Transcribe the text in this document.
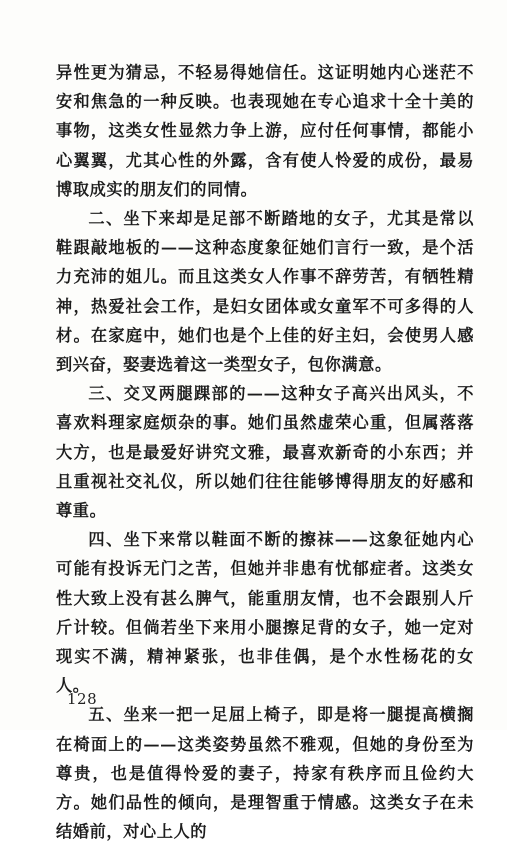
异性更为猜忌，不轻易得她信任。这证明她内心迷茫不安和焦急的一种反映。也表现她在专心追求十全十美的事物，这类女性显然力争上游，应付任何事情，都能小心翼翼，尤其心性的外露，含有使人怜爱的成份，最易博取成实的朋友们的同情。

二、坐下来却是足部不断踏地的女子，尤其是常以鞋跟敲地板的——这种态度象征她们言行一致，是个活力充沛的姐儿。而且这类女人作事不辞劳苦，有牺牲精神，热爱社会工作，是妇女团体或女童军不可多得的人材。在家庭中，她们也是个上佳的好主妇，会使男人感到兴奋，娶妻选着这一类型女子，包你满意。

三、交叉两腿踝部的——这种女子高兴出风头，不喜欢料理家庭烦杂的事。她们虽然虚荣心重，但属落落大方，也是最爱好讲究文雅，最喜欢新奇的小东西；并且重视社交礼仪，所以她们往往能够博得朋友的好感和尊重。

四、坐下来常以鞋面不断的擦袜——这象征她内心可能有投诉无门之苦，但她并非患有忧郁症者。这类女性大致上没有甚么脾气，能重朋友情，也不会跟别人斤斤计较。但倘若坐下来用小腿擦足背的女子，她一定对现实不满，精神紧张，也非佳偶，是个水性杨花的女人。

五、坐来一把一足屈上椅子，即是将一腿提高横搁在椅面上的——这类姿势虽然不雅观，但她的身份至为尊贵，也是值得怜爱的妻子，持家有秩序而且俭约大方。她们品性的倾向，是理智重于情感。这类女子在未结婚前，对心上人的

128
